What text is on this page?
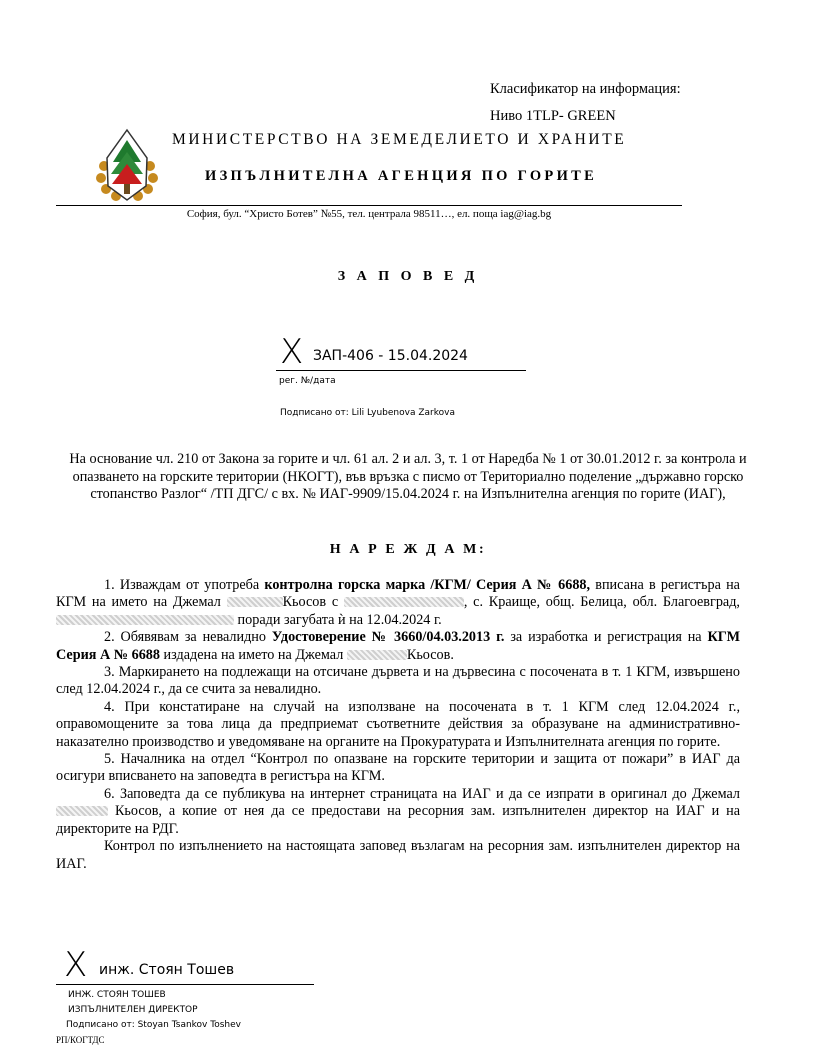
Класификатор на информация:
Ниво 1TLP- GREEN
МИНИСТЕРСТВО НА ЗЕМЕДЕЛИЕТО И ХРАНИТЕ
ИЗПЪЛНИТЕЛНА АГЕНЦИЯ ПО ГОРИТЕ
София, бул. “Христо Ботев” №55, тел. централа 98511…, ел. поща iag@iag.bg
З А П О В Е Д
X ЗАП-406 - 15.04.2024
рег. №/дата
Подписано от: Lili Lyubenova Zarkova
На основание чл. 210 от Закона за горите и чл. 61 ал. 2 и ал. 3, т. 1 от Наредба № 1 от 30.01.2012 г. за контрола и опазването на горските територии (НКОГТ), във връзка с писмо от Териториално поделение „държавно горско стопанство Разлог“ /ТП ДГС/ с вх. № ИАГ-9909/15.04.2024 г. на Изпълнителна агенция по горите (ИАГ),
Н А Р Е Ж Д А М:

1. Изваждам от употреба контролна горска марка /КГМ/ Серия А № 6688, вписана в регистъра на КГМ на името на Джемал	Кьосов с	, с. Краище, общ. Белица, обл. Благоевград,  поради загубата ѝ на 12.04.2024 г.

2. Обявявам за невалидно Удостоверение № 3660/04.03.2013 г. за изработка и регистрация на КГМ Серия А № 6688 издадена на името на Джемал	Кьосов.

3. Маркирането на подлежащи на отсичане дървета и на дървесина с посочената в т. 1 КГМ, извършено след 12.04.2024 г., да се счита за невалидно.

4. При констатиране на случай на използване на посочената в т. 1 КГМ след 12.04.2024 г., оправомощените за това лица да предприемат съответните действия за образуване на административно-наказателно производство и уведомяване на органите на Прокуратурата и Изпълнителната агенция по горите.

5. Началника на отдел “Контрол по опазване на горските територии и защита от пожари” в ИАГ да осигури вписването на заповедта в регистъра на КГМ.

6. Заповедта да се публикува на интернет страницата на ИАГ и да се изпрати в оригинал до Джемал  Кьосов, а копие от нея да се предостави на ресорния зам. изпълнителен директор на ИАГ и на директорите на РДГ.

Контрол по изпълнението на настоящата заповед възлагам на ресорния зам. изпълнителен директор на ИАГ.

X инж. Стоян Тошев
ИНЖ. СТОЯН ТОШЕВ
ИЗПЪЛНИТЕЛЕН ДИРЕКТОР
Подписано от: Stoyan Tsankov Toshev
РП/КОГТДС
